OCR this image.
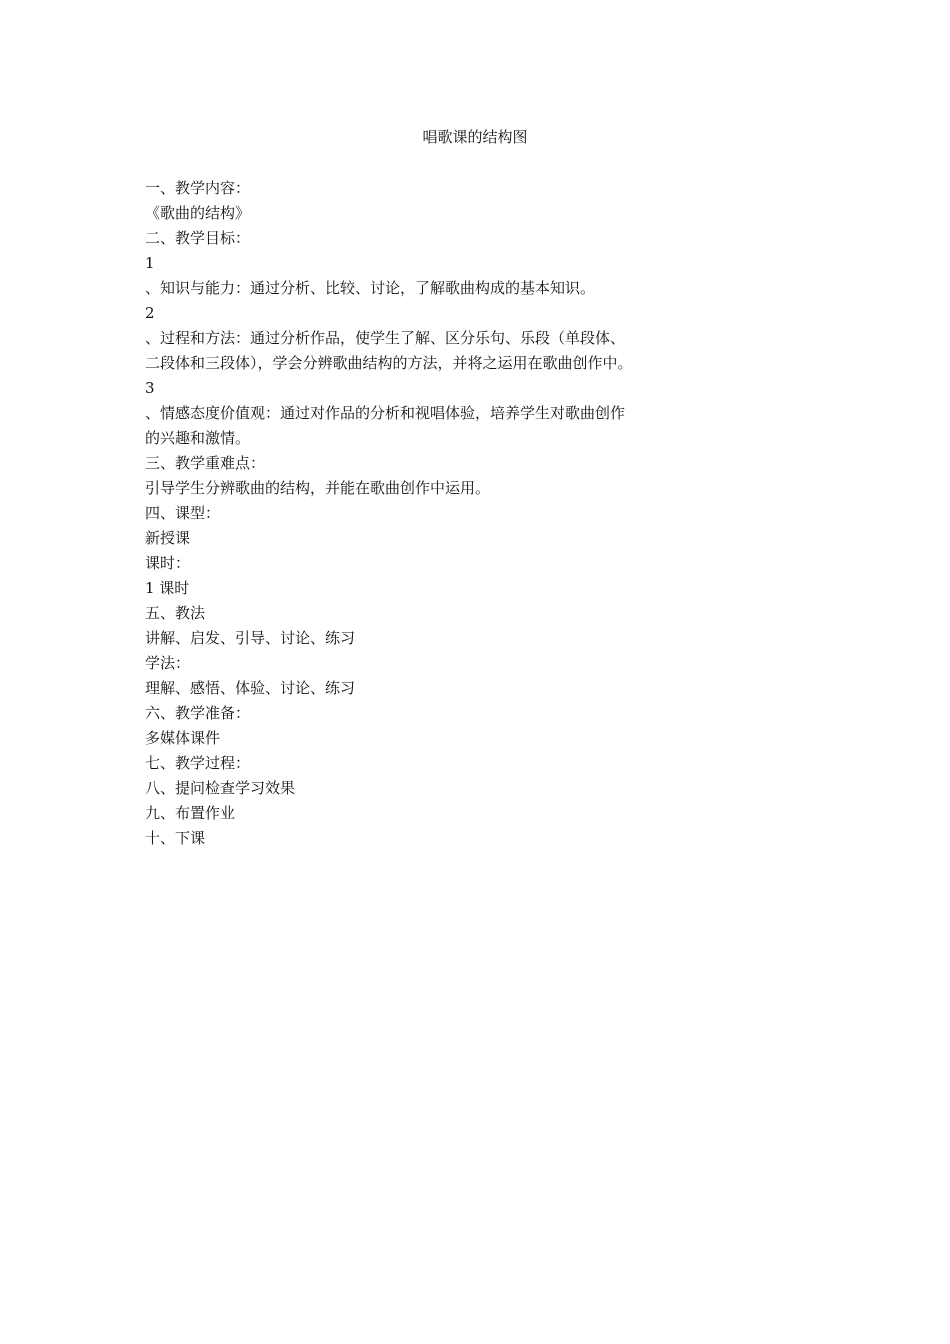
唱歌课的结构图
一、教学内容：
《歌曲的结构》
二、教学目标：
1
、知识与能力：通过分析、比较、讨论，了解歌曲构成的基本知识。
2
、过程和方法：通过分析作品，使学生了解、区分乐句、乐段（单段体、
二段体和三段体），学会分辨歌曲结构的方法，并将之运用在歌曲创作中。
3
、情感态度价值观：通过对作品的分析和视唱体验，培养学生对歌曲创作
的兴趣和激情。
三、教学重难点：
引导学生分辨歌曲的结构，并能在歌曲创作中运用。
四、课型：
新授课
课时：
1 课时
五、教法
讲解、启发、引导、讨论、练习
学法：
理解、感悟、体验、讨论、练习
六、教学准备：
多媒体课件
七、教学过程：
八、提问检查学习效果
九、布置作业
十、下课
